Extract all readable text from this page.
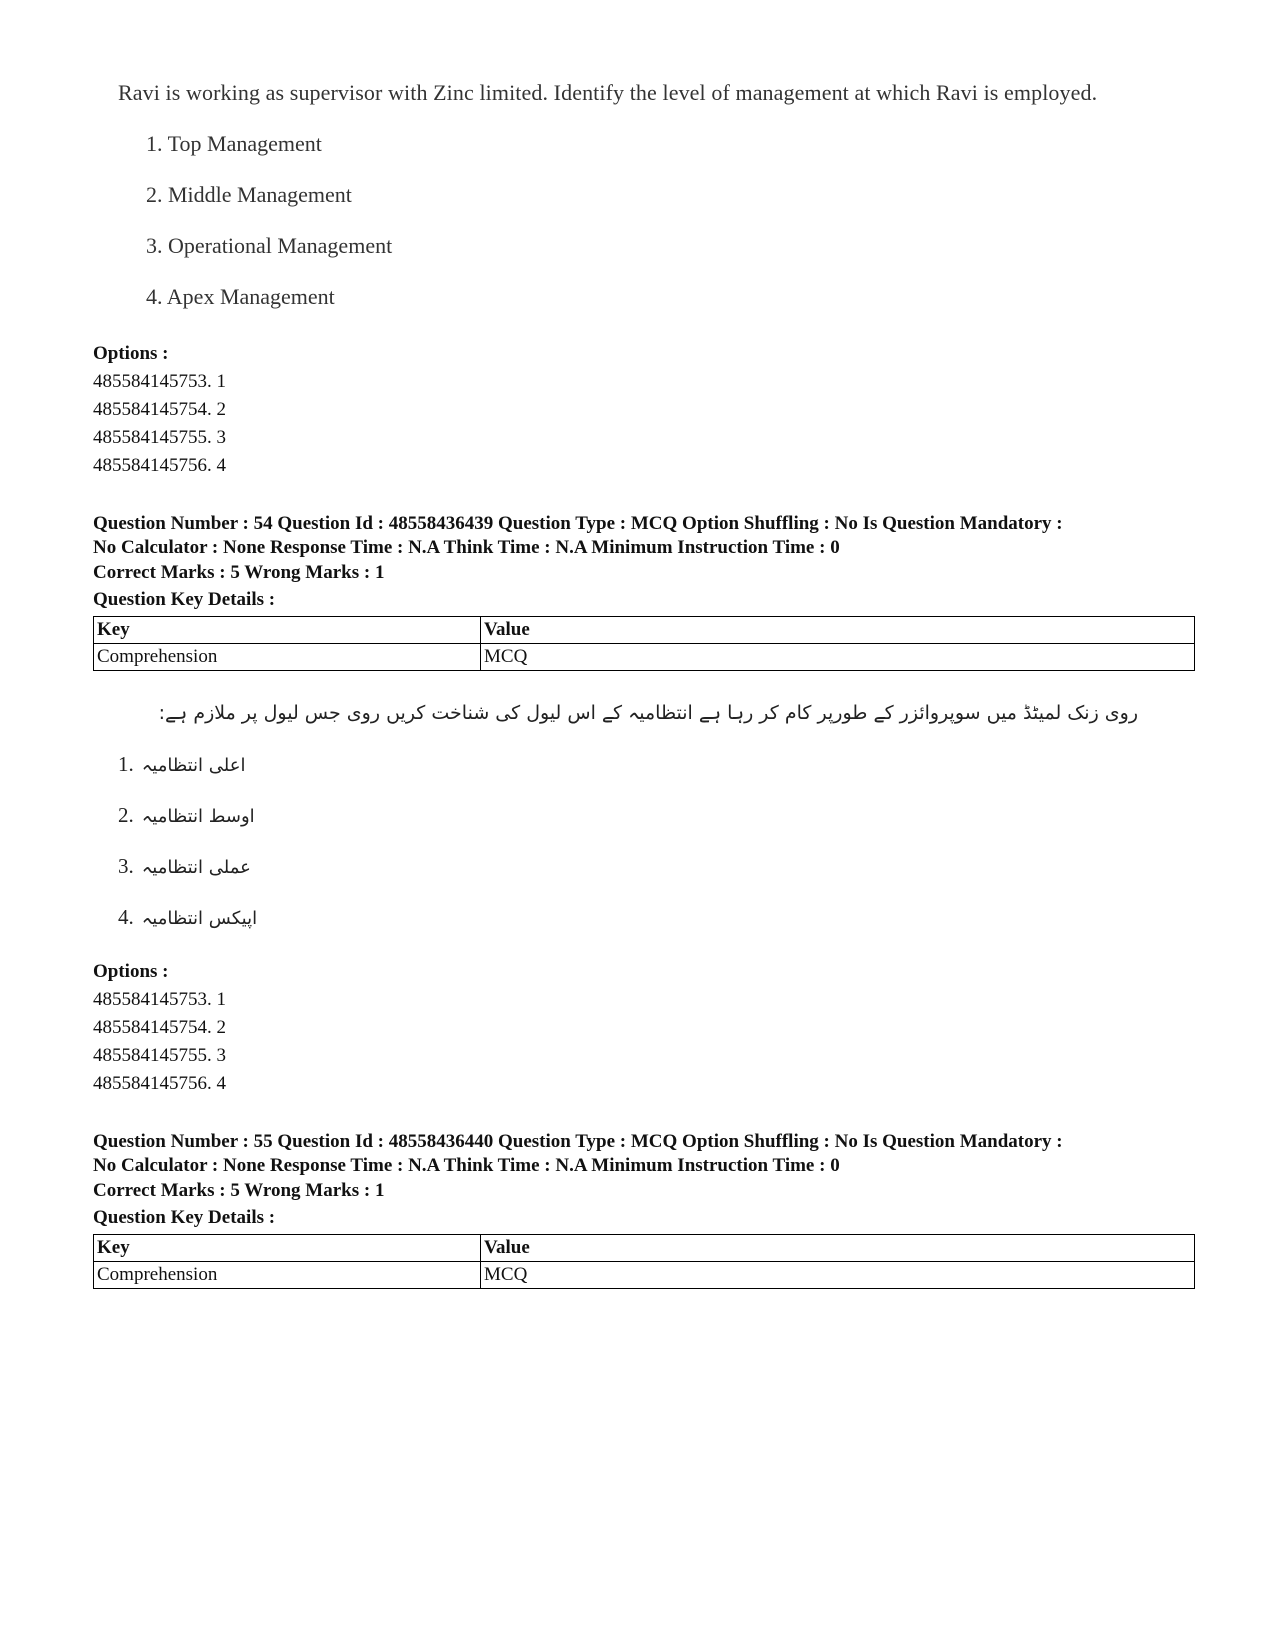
Ravi is working as supervisor with Zinc limited. Identify the level of management at which Ravi is employed.
1. Top Management
2. Middle Management
3. Operational Management
4. Apex Management
Options :
485584145753. 1
485584145754. 2
485584145755. 3
485584145756. 4
Question Number : 54 Question Id : 48558436439 Question Type : MCQ Option Shuffling : No Is Question Mandatory :
No Calculator : None Response Time : N.A Think Time : N.A Minimum Instruction Time : 0
Correct Marks : 5 Wrong Marks : 1
Question Key Details :
Key	Value
Comprehension	MCQ
روی زنک لمیٹڈ میں سوپروائزر کے طورپر کام کر رہا ہے انتظامیہ کے اس لیول کی شناخت کریں روی جس لیول پر ملازم ہے:
1. اعلی انتظامیہ
2. اوسط انتظامیہ
3. عملی انتظامیہ
4. اپیکس انتظامیہ
Options :
485584145753. 1
485584145754. 2
485584145755. 3
485584145756. 4
Question Number : 55 Question Id : 48558436440 Question Type : MCQ Option Shuffling : No Is Question Mandatory :
No Calculator : None Response Time : N.A Think Time : N.A Minimum Instruction Time : 0
Correct Marks : 5 Wrong Marks : 1
Question Key Details :
Key	Value
Comprehension	MCQ
